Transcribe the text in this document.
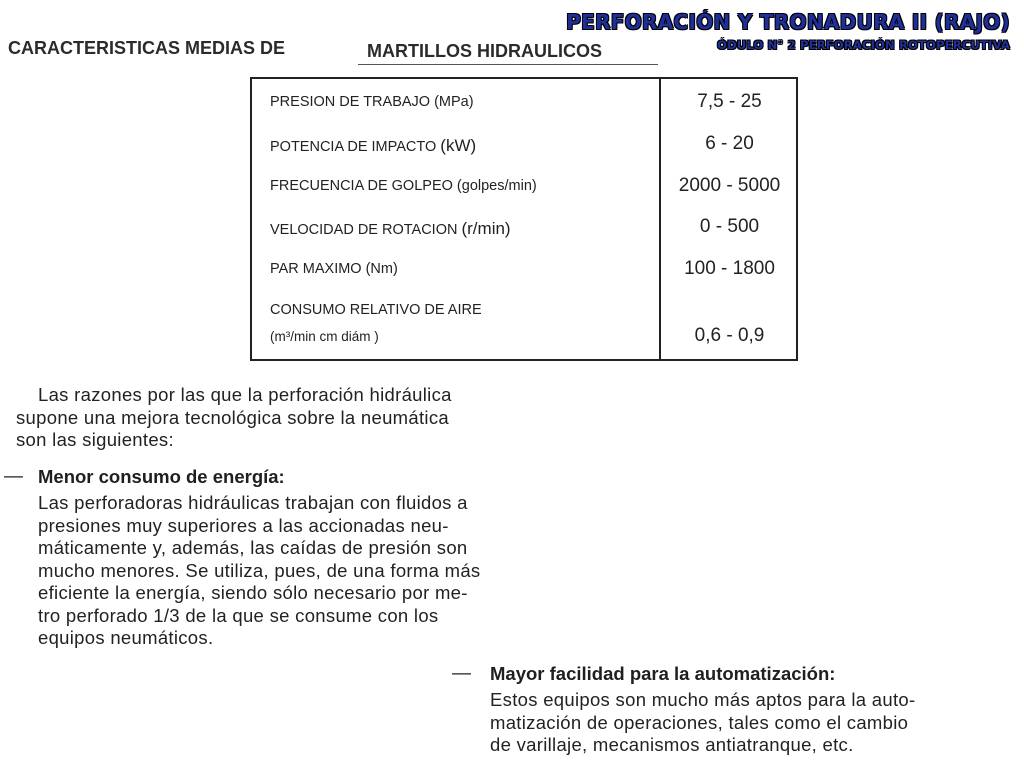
PERFORACIÓN Y TRONADURA II (RAJO)
ÓDULO N° 2 PERFORACIÓN ROTOPERCUTIVA
CARACTERISTICAS MEDIAS DE	MARTILLOS HIDRAULICOS
PRESION DE TRABAJO (MPa)	7,5 - 25
POTENCIA DE IMPACTO (kW)	6 - 20
FRECUENCIA DE GOLPEO (golpes/min)	2000 - 5000
VELOCIDAD DE ROTACION (r/min)	0 - 500
PAR MAXIMO (Nm)	100 - 1800
CONSUMO RELATIVO DE AIRE
(m³/min cm diám )	0,6 - 0,9
Las razones por las que la perforación hidráulica
supone una mejora tecnológica sobre la neumática
son las siguientes:
— Menor consumo de energía:
Las perforadoras hidráulicas trabajan con fluidos a
presiones muy superiores a las accionadas neu-
máticamente y, además, las caídas de presión son
mucho menores. Se utiliza, pues, de una forma más
eficiente la energía, siendo sólo necesario por me-
tro perforado 1/3 de la que se consume con los
equipos neumáticos.
— Mayor facilidad para la automatización:
Estos equipos son mucho más aptos para la auto-
matización de operaciones, tales como el cambio
de varillaje, mecanismos antiatranque, etc.
